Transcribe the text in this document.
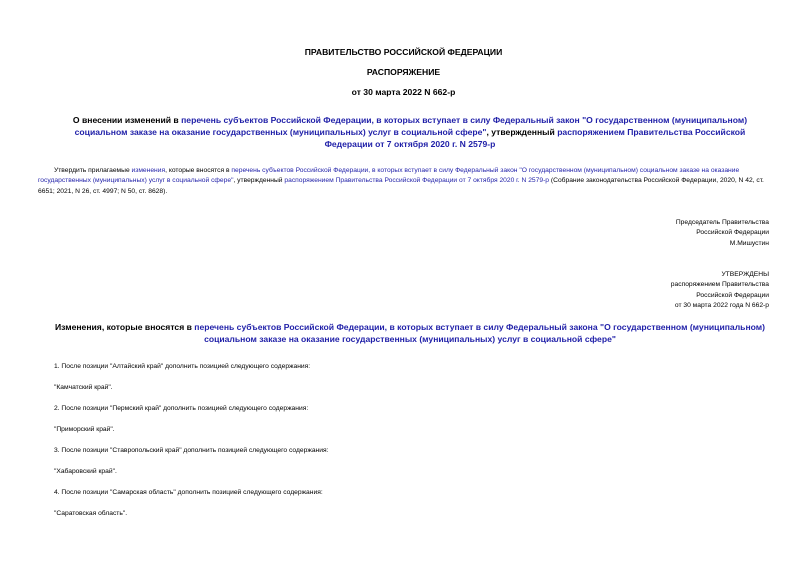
ПРАВИТЕЛЬСТВО РОССИЙСКОЙ ФЕДЕРАЦИИ
РАСПОРЯЖЕНИЕ
от 30 марта 2022 N 662-р
О внесении изменений в перечень субъектов Российской Федерации, в которых вступает в силу Федеральный закон "О государственном (муниципальном) социальном заказе на оказание государственных (муниципальных) услуг в социальной сфере", утвержденный распоряжением Правительства Российской Федерации от 7 октября 2020 г. N 2579-р
Утвердить прилагаемые изменения, которые вносятся в перечень субъектов Российской Федерации, в которых вступает в силу Федеральный закон "О государственном (муниципальном) социальном заказе на оказание государственных (муниципальных) услуг в социальной сфере", утвержденный распоряжением Правительства Российской Федерации от 7 октября 2020 г. N 2579-р (Собрание законодательства Российской Федерации, 2020, N 42, ст. 6651; 2021, N 26, ст. 4997; N 50, ст. 8628).
Председатель Правительства
Российской Федерации
М.Мишустин
УТВЕРЖДЕНЫ
распоряжением Правительства
Российской Федерации
от 30 марта 2022 года N 662-р
Изменения, которые вносятся в перечень субъектов Российской Федерации, в которых вступает в силу Федеральный закона "О государственном (муниципальном) социальном заказе на оказание государственных (муниципальных) услуг в социальной сфере"
1. После позиции "Алтайский край" дополнить позицией следующего содержания:
"Камчатский край".
2. После позиции "Пермский край" дополнить позицией следующего содержания:
"Приморский край".
3. После позиции "Ставропольский край" дополнить позицией следующего содержания:
"Хабаровский край".
4. После позиции "Самарская область" дополнить позицией следующего содержания:
"Саратовская область".
